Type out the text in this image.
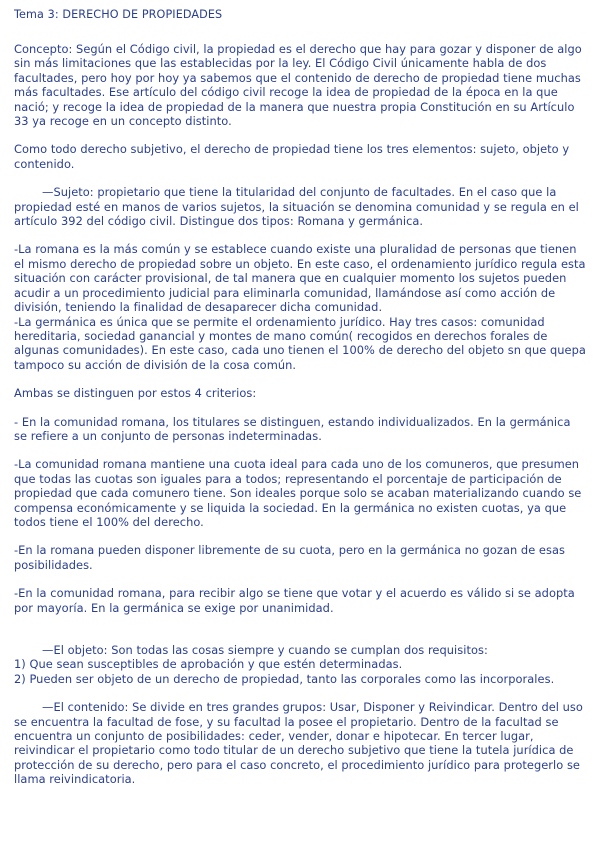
Tema 3: DERECHO DE PROPIEDADES

Concepto: Según el Código civil, la propiedad es el derecho que hay para gozar y disponer de algo sin más limitaciones que las establecidas por la ley. El Código Civil únicamente habla de dos facultades, pero hoy por hoy ya sabemos que el contenido de derecho de propiedad tiene muchas más facultades. Ese artículo del código civil recoge la idea de propiedad de la época en la que nació; y recoge la idea de propiedad de la manera que nuestra propia Constitución en su Artículo 33 ya recoge en un concepto distinto.

Como todo derecho subjetivo, el derecho de propiedad tiene los tres elementos: sujeto, objeto y contenido.

—Sujeto: propietario que tiene la titularidad del conjunto de facultades. En el caso que la propiedad esté en manos de varios sujetos, la situación se denomina comunidad y se regula en el artículo 392 del código civil. Distingue dos tipos: Romana y germánica.

-La romana es la más común y se establece cuando existe una pluralidad de personas que tienen el mismo derecho de propiedad sobre un objeto. En este caso, el ordenamiento jurídico regula esta situación con carácter provisional, de tal manera que en cualquier momento los sujetos pueden acudir a un procedimiento judicial para eliminarla comunidad, llamándose así como acción de división, teniendo la finalidad de desaparecer dicha comunidad.

-La germánica es única que se permite el ordenamiento jurídico. Hay tres casos: comunidad hereditaria, sociedad ganancial y montes de mano común( recogidos en derechos forales de algunas comunidades). En este caso, cada uno tienen el 100% de derecho del objeto sn que quepa tampoco su acción de división de la cosa común.

Ambas se distinguen por estos 4 criterios:

- En la comunidad romana, los titulares se distinguen, estando individualizados. En la germánica se refiere a un conjunto de personas indeterminadas.

-La comunidad romana mantiene una cuota ideal para cada uno de los comuneros, que presumen que todas las cuotas son iguales para a todos; representando el porcentaje de participación de propiedad que cada comunero tiene. Son ideales porque solo se acaban materializando cuando se compensa económicamente y se liquida la sociedad. En la germánica no existen cuotas, ya que todos tiene el 100% del derecho.

-En la romana pueden disponer libremente de su cuota, pero en la germánica no gozan de esas posibilidades.

-En la comunidad romana, para recibir algo se tiene que votar y el acuerdo es válido si se adopta por mayoría. En la germánica se exige por unanimidad.

—El objeto: Son todas las cosas siempre y cuando se cumplan dos requisitos:

1) Que sean susceptibles de aprobación y que estén determinadas.

2) Pueden ser objeto de un derecho de propiedad, tanto las corporales como las incorporales.

—El contenido: Se divide en tres grandes grupos: Usar, Disponer y Reivindicar. Dentro del uso se encuentra la facultad de fose, y su facultad la posee el propietario. Dentro de la facultad se encuentra un conjunto de posibilidades: ceder, vender, donar e hipotecar. En tercer lugar, reivindicar el propietario como todo titular de un derecho subjetivo que tiene la tutela jurídica de protección de su derecho, pero para el caso concreto, el procedimiento jurídico para protegerlo se llama reivindicatoria.
